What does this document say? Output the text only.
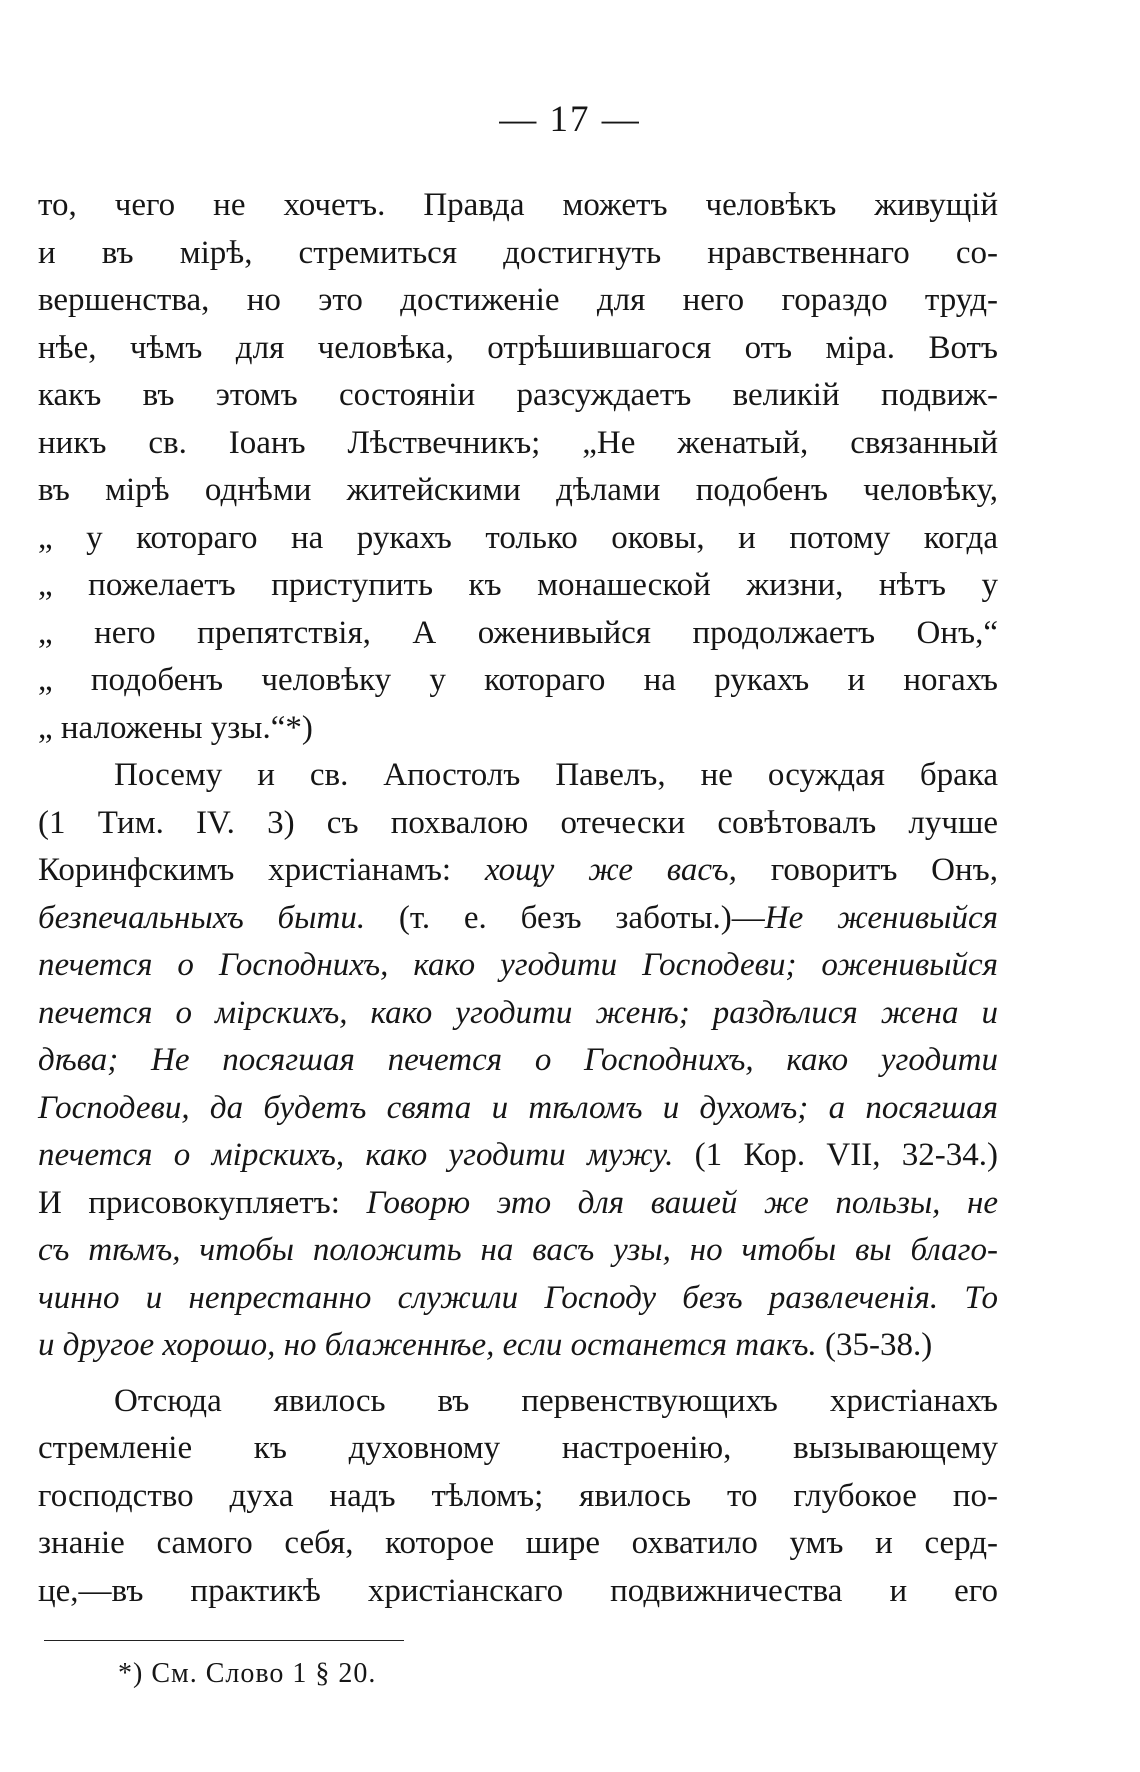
— 17 —
то, чего не хочетъ. Правда можетъ человѣкъ живущій
и въ мірѣ, стремиться достигнуть нравственнаго со-
вершенства, но это достиженіе для него гораздо труд-
нѣе, чѣмъ для человѣка, отрѣшившагося отъ міра. Вотъ
какъ въ этомъ состояніи разсуждаетъ великій подвиж-
никъ св. Іоанъ Лѣствечникъ; „Не женатый, связанный
въ мірѣ однѣми житейскими дѣлами подобенъ человѣку,
„ у котораго на рукахъ только оковы, и потому когда
„ пожелаетъ приступить къ монашеской жизни, нѣтъ у
„ него препятствія, А оженивыйся продолжаетъ Онъ,“
„ подобенъ человѣку у котораго на рукахъ и ногахъ
„ наложены узы.“*)
Посему и св. Апостолъ Павелъ, не осуждая брака
(1 Тим. IV. 3) съ похвалою отечески совѣтовалъ лучше
Коринфскимъ христіанамъ: хощу же васъ, говоритъ Онъ,
безпечальныхъ быти. (т. е. безъ заботы.)—Не женивыйся
печется о Господнихъ, како угодити Господеви; оженивыйся
печется о мірскихъ, како угодити женѣ; раздѣлися жена и
дѣва; Не посягшая печется о Господнихъ, како угодити
Господеви, да будетъ свята и тѣломъ и духомъ; а посягшая
печется о мірскихъ, како угодити мужу. (1 Кор. VII, 32-34.)
И присовокупляетъ: Говорю это для вашей же пользы, не
съ тѣмъ, чтобы положить на васъ узы, но чтобы вы благо-
чинно и непрестанно служили Господу безъ развлеченія. То
и другое хорошо, но блаженнѣе, если останется такъ. (35-38.)
Отсюда явилось въ первенствующихъ христіанахъ
стремленіе къ духовному настроенію, вызывающему
господство духа надъ тѣломъ; явилось то глубокое по-
знаніе самого себя, которое шире охватило умъ и серд-
це,—въ практикѣ христіанскаго подвижничества и его
*) См. Слово 1 § 20.
